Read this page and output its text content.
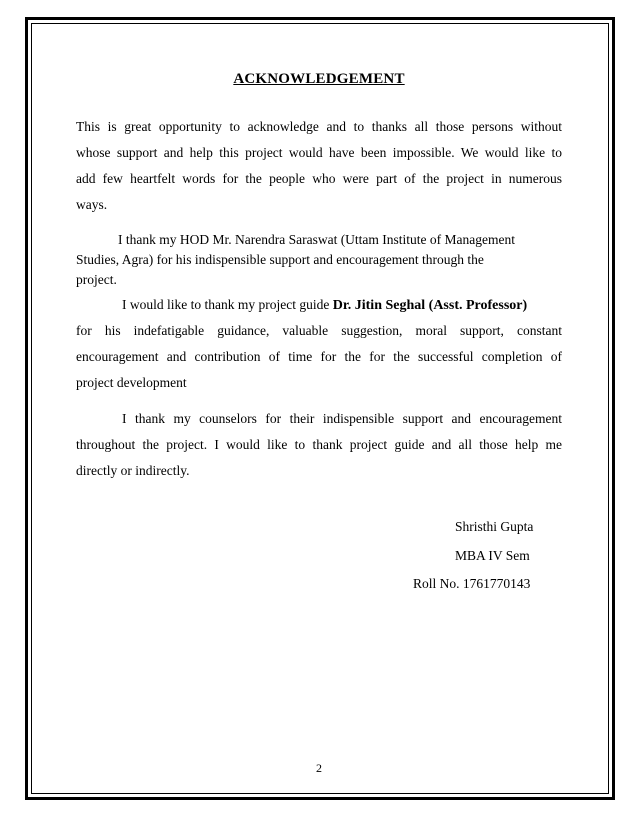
ACKNOWLEDGEMENT
This is great opportunity to acknowledge and to thanks all those persons without
whose support and help this project would have been impossible. We would like to
add few heartfelt words for the people who were part of the project in numerous
ways.
I thank my HOD Mr. Narendra Saraswat (Uttam Institute of Management
Studies, Agra) for his indispensible support and encouragement through the
project.
I would like to thank my project guide Dr. Jitin Seghal (Asst. Professor)
for his indefatigable guidance, valuable suggestion, moral support, constant
encouragement and contribution of time for the for the successful completion of
project development
I thank my counselors for their indispensible support and encouragement
throughout the project. I would like to thank project guide and all those help me
directly or indirectly.
Shristhi Gupta
MBA IV Sem
Roll No. 1761770143
2
